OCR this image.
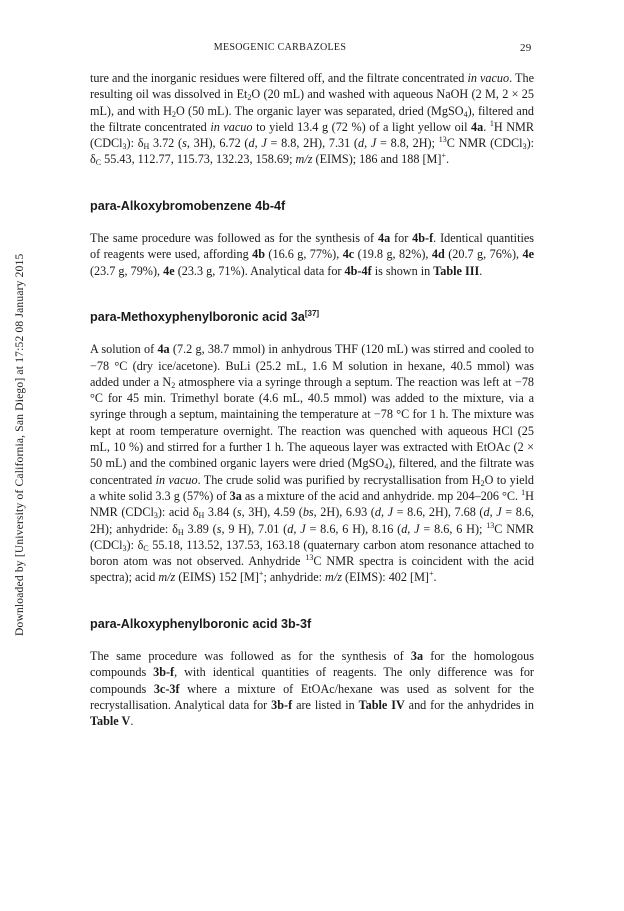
MESOGENIC CARBAZOLES	29
Downloaded by [University of California, San Diego] at 17:52 08 January 2015

ture and the inorganic residues were filtered off, and the filtrate concentrated in vacuo. The resulting oil was dissolved in $Et_2O$ (20 mL) and washed with aqueous NaOH (2 M, 2 × 25 mL), and with $H_2O$ (50 mL). The organic layer was separated, dried (MgSO$_4$), filtered and the filtrate concentrated in vacuo to yield 13.4 g (72 %) of a light yellow oil 4a. $^1$H NMR (CDCl$_3$): $\delta_H$ 3.72 (s, 3H), 6.72 (d, J = 8.8, 2H), 7.31 (d, J = 8.8, 2H); $^{13}$C NMR (CDCl$_3$): $\delta_C$ 55.43, 112.77, 115.73, 132.23, 158.69; m/z (EIMS); 186 and 188 [M]+.

para-Alkoxybromobenzene 4b-4f

The same procedure was followed as for the synthesis of 4a for 4b-f. Identical quantities of reagents were used, affording 4b (16.6 g, 77%), 4c (19.8 g, 82%), 4d (20.7 g, 76%), 4e (23.7 g, 79%), 4e (23.3 g, 71%). Analytical data for 4b-4f is shown in Table III.

para-Methoxyphenylboronic acid 3a[37]

A solution of 4a (7.2 g, 38.7 mmol) in anhydrous THF (120 mL) was stirred and cooled to −78 °C (dry ice/acetone). BuLi (25.2 mL, 1.6 M solution in hexane, 40.5 mmol) was added under a $N_2$ atmosphere via a syringe through a septum. The reaction was left at −78 °C for 45 min. Trimethyl borate (4.6 mL, 40.5 mmol) was added to the mixture, via a syringe through a septum, maintaining the temperature at −78 °C for 1 h. The mixture was kept at room temperature overnight. The reaction was quenched with aqueous HCl (25 mL, 10 %) and stirred for a further 1 h. The aqueous layer was extracted with EtOAc (2 × 50 mL) and the combined organic layers were dried (MgSO$_4$), filtered, and the filtrate was concentrated in vacuo. The crude solid was purified by recrystallisation from $H_2O$ to yield a white solid 3.3 g (57%) of 3a as a mixture of the acid and anhydride. mp 204–206 °C. $^1$H NMR (CDCl$_3$): acid $\delta_H$ 3.84 (s, 3H), 4.59 (bs, 2H), 6.93 (d, J = 8.6, 2H), 7.68 (d, J = 8.6, 2H); anhydride: $\delta_H$ 3.89 (s, 9 H), 7.01 (d, J = 8.6, 6 H), 8.16 (d, J = 8.6, 6 H); $^{13}$C NMR (CDCl$_3$): $\delta_C$ 55.18, 113.52, 137.53, 163.18 (quaternary carbon atom resonance attached to boron atom was not observed. Anhydride $^{13}$C NMR spectra is coincident with the acid spectra); acid m/z (EIMS) 152 [M]+; anhydride: m/z (EIMS): 402 [M]+.

para-Alkoxyphenylboronic acid 3b-3f

The same procedure was followed as for the synthesis of 3a for the homologous compounds 3b-f, with identical quantities of reagents. The only difference was for compounds 3c-3f where a mixture of EtOAc/hexane was used as solvent for the recrystallisation. Analytical data for 3b-f are listed in Table IV and for the anhydrides in Table V.
